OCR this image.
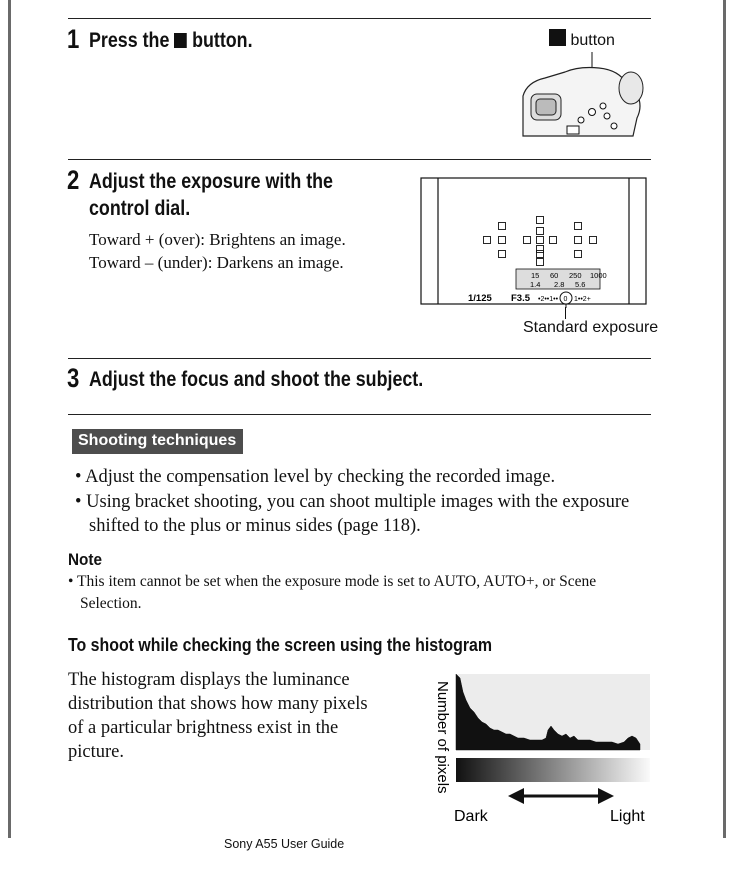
1 Press the button.	button
2 Adjust the exposure with the
control dial.
Toward + (over): Brightens an image.
Toward – (under): Darkens an image.
15 60 250 1000
1.4 2.8 5.6
1/125 F3.5 •2••1•• 0 1••2+
Standard exposure
3 Adjust the focus and shoot the subject.
Shooting techniques
• Adjust the compensation level by checking the recorded image.
• Using bracket shooting, you can shoot multiple images with the exposure
shifted to the plus or minus sides (page 118).
Note
• This item cannot be set when the exposure mode is set to AUTO, AUTO+, or Scene
Selection.
To shoot while checking the screen using the histogram
The histogram displays the luminance
distribution that shows how many pixels
of a particular brightness exist in the
picture.	Number of pixels
Dark	Light
Sony A55 User Guide
